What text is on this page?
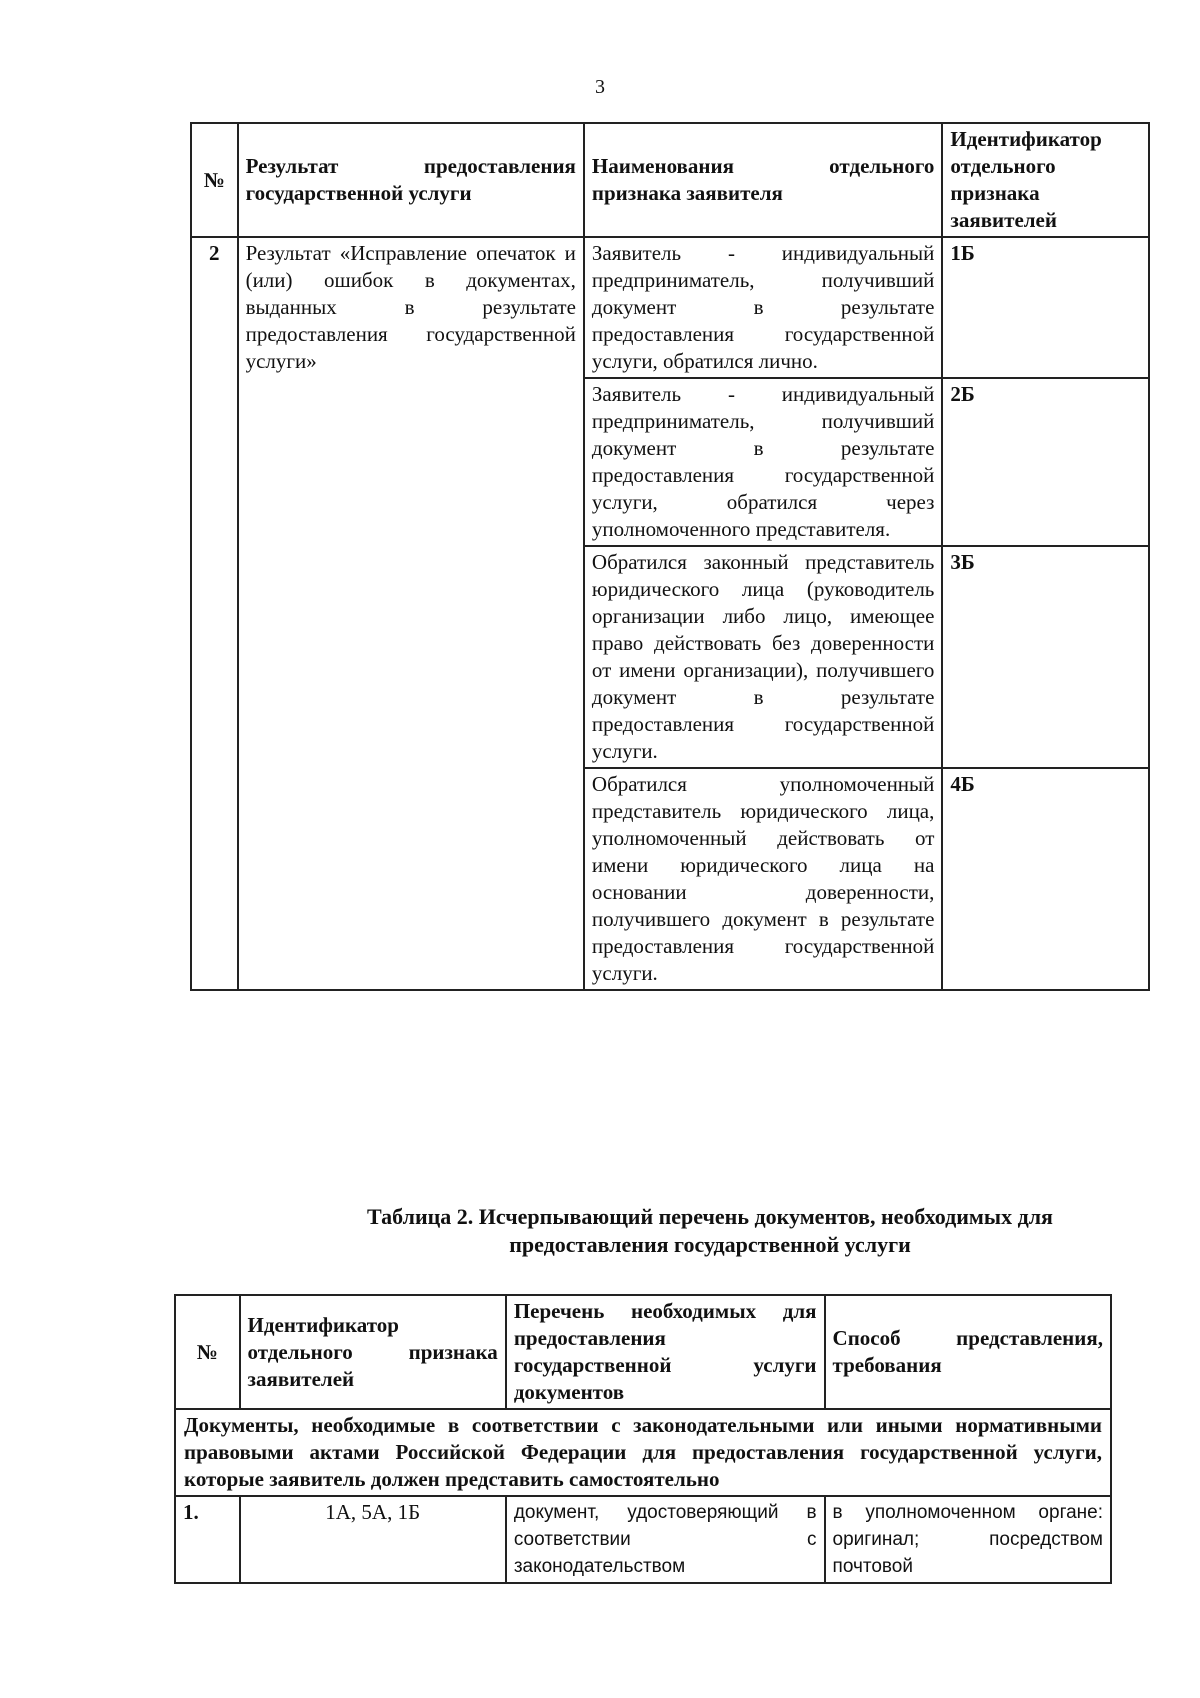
3
№	Результат предоставления государственной услуги	Наименования отдельного признака заявителя	Идентификатор отдельного признака заявителей
2	Результат «Исправление опечаток и (или) ошибок в документах, выданных в результате предоставления государственной услуги»	Заявитель - индивидуальный предприниматель, получивший документ в результате предоставления государственной услуги, обратился лично.	1Б
		Заявитель - индивидуальный предприниматель, получивший документ в результате предоставления государственной услуги, обратился через уполномоченного представителя.	2Б
		Обратился законный представитель юридического лица (руководитель организации либо лицо, имеющее право действовать без доверенности от имени организации), получившего документ в результате предоставления государственной услуги.	3Б
		Обратился уполномоченный представитель юридического лица, уполномоченный действовать от имени юридического лица на основании доверенности, получившего документ в результате предоставления государственной услуги.	4Б
Таблица 2. Исчерпывающий перечень документов, необходимых для предоставления государственной услуги
№	Идентификатор отдельного признака заявителей	Перечень необходимых для предоставления государственной услуги документов	Способ представления, требования
Документы, необходимые в соответствии с законодательными или иными нормативными правовыми актами Российской Федерации для предоставления государственной услуги, которые заявитель должен представить самостоятельно			
1.	1А, 5А, 1Б	документ, удостоверяющий в соответствии с законодательством	в уполномоченном органе: оригинал; посредством почтовой
